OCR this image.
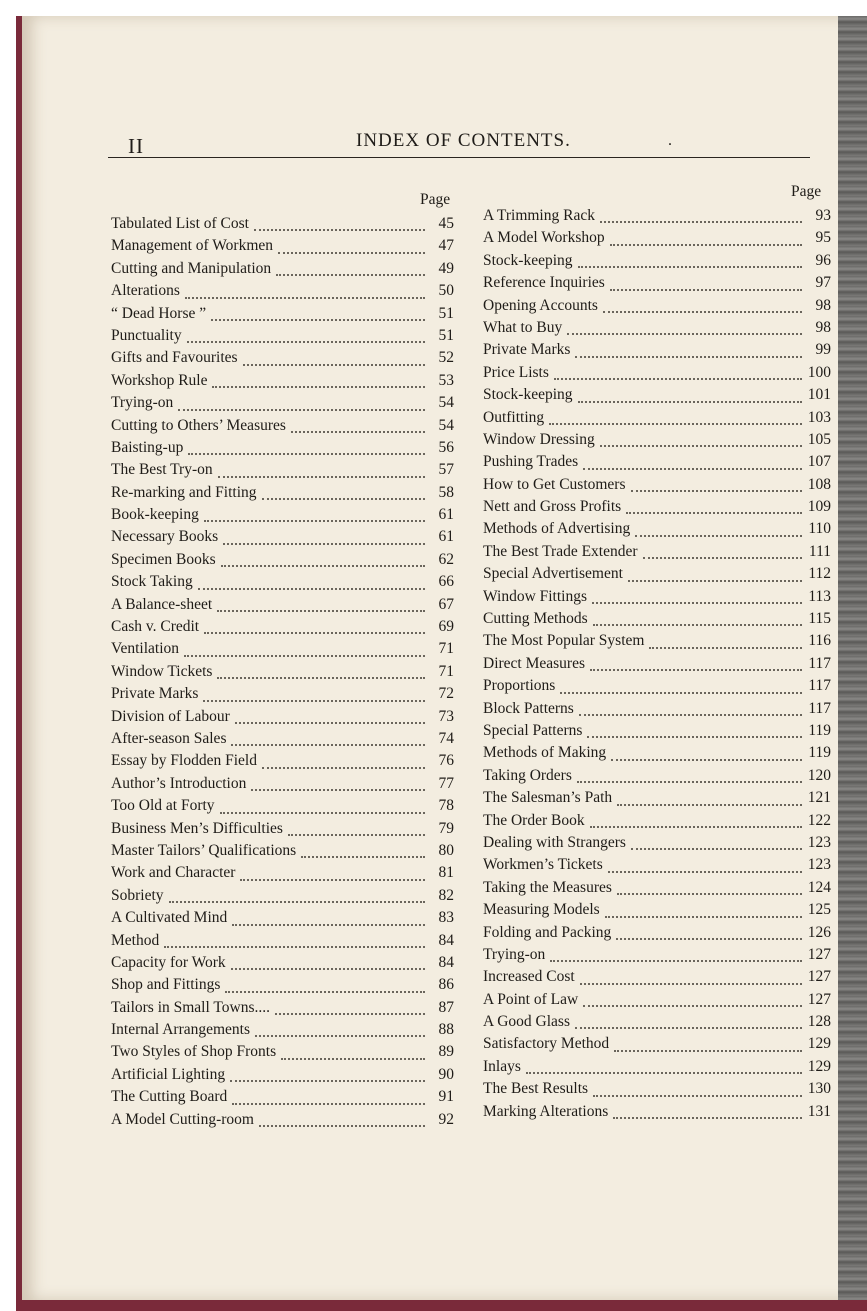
II	INDEX OF CONTENTS.	.
Page	Page
Tabulated List of Cost	45
Management of Workmen	47
Cutting and Manipulation	49
Alterations	50
“ Dead Horse ”	51
Punctuality	51
Gifts and Favourites	52
Workshop Rule	53
Trying-on	54
Cutting to Others’ Measures	54
Baisting-up	56
The Best Try-on	57
Re-marking and Fitting	58
Book-keeping	61
Necessary Books	61
Specimen Books	62
Stock Taking	66
A Balance-sheet	67
Cash v. Credit	69
Ventilation	71
Window Tickets	71
Private Marks	72
Division of Labour	73
After-season Sales	74
Essay by Flodden Field	76
Author’s Introduction	77
Too Old at Forty	78
Business Men’s Difficulties	79
Master Tailors’ Qualifications	80
Work and Character	81
Sobriety	82
A Cultivated Mind	83
Method	84
Capacity for Work	84
Shop and Fittings	86
Tailors in Small Towns....	87
Internal Arrangements	88
Two Styles of Shop Fronts	89
Artificial Lighting	90
The Cutting Board	91
A Model Cutting-room	92
A Trimming Rack	93
A Model Workshop	95
Stock-keeping	96
Reference Inquiries	97
Opening Accounts	98
What to Buy	98
Private Marks	99
Price Lists	100
Stock-keeping	101
Outfitting	103
Window Dressing	105
Pushing Trades	107
How to Get Customers	108
Nett and Gross Profits	109
Methods of Advertising	110
The Best Trade Extender	111
Special Advertisement	112
Window Fittings	113
Cutting Methods	115
The Most Popular System	116
Direct Measures	117
Proportions	117
Block Patterns	117
Special Patterns	119
Methods of Making	119
Taking Orders	120
The Salesman’s Path	121
The Order Book	122
Dealing with Strangers	123
Workmen’s Tickets	123
Taking the Measures	124
Measuring Models	125
Folding and Packing	126
Trying-on	127
Increased Cost	127
A Point of Law	127
A Good Glass	128
Satisfactory Method	129
Inlays	129
The Best Results	130
Marking Alterations	131
